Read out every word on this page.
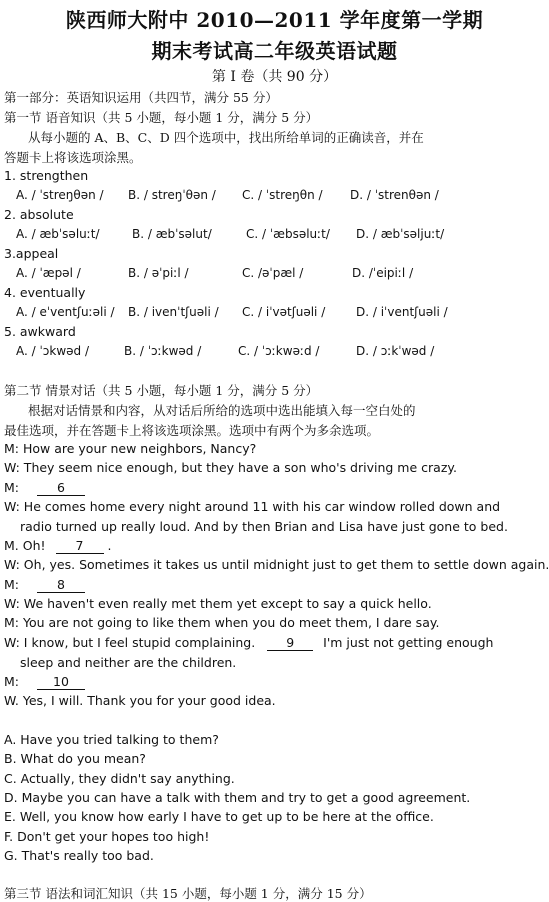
陕西师大附中 2010—2011 学年度第一学期
期末考试高二年级英语试题
第 I 卷（共 90 分）
第一部分：英语知识运用（共四节，满分 55 分）
第一节 语音知识（共 5 小题，每小题 1 分，满分 5 分）
从每小题的 A、B、C、D 四个选项中，找出所给单词的正确读音，并在
答题卡上将该选项涂黑。
1. strengthen
A. / ˈstreŋθən / B. / streŋˈθən / C. / ˈstreŋθn / D. / ˈstrenθən /
2. absolute
A. / æbˈsəluːt/	B. / æbˈsəlut/	C. / ˈæbsəluːt/ D. / æbˈsəljuːt/
3.appeal
A. / ˈæpəl /	B. / əˈpiːl /	C. /əˈpæl /	D. /ˈeipiːl /
4. eventually
A. / eˈventʃuːəli / B. / ivenˈtʃuəli / C. / iˈvətʃuəli /	D. / iˈventʃuəli /
5. awkward
A. / ˈɔkwəd /	B. / ˈɔːkwəd /	C. / ˈɔːkwəːd /	D. / ɔːkˈwəd /
第二节 情景对话（共 5 小题，每小题 1 分，满分 5 分）
根据对话情景和内容，从对话后所给的选项中选出能填入每一空白处的
最佳选项，并在答题卡上将该选项涂黑。选项中有两个为多余选项。
M: How are your new neighbors, Nancy?
W: They seem nice enough, but they have a son who's driving me crazy.
M:	6
W: He comes home every night around 11 with his car window rolled down and
radio turned up really loud. And by then Brian and Lisa have just gone to bed.
M. Oh! 7 .
W: Oh, yes. Sometimes it takes us until midnight just to get them to settle down again.
M:	8
W: We haven't even really met them yet except to say a quick hello.
M: You are not going to like them when you do meet them, I dare say.
W: I know, but I feel stupid complaining. 9 I'm just not getting enough
sleep and neither are the children.
M:	10
W. Yes, I will. Thank you for your good idea.
A. Have you tried talking to them?
B. What do you mean?
C. Actually, they didn't say anything.
D. Maybe you can have a talk with them and try to get a good agreement.
E. Well, you know how early I have to get up to be here at the office.
F. Don't get your hopes too high!
G. That's really too bad.
第三节 语法和词汇知识（共 15 小题，每小题 1 分，满分 15 分）
